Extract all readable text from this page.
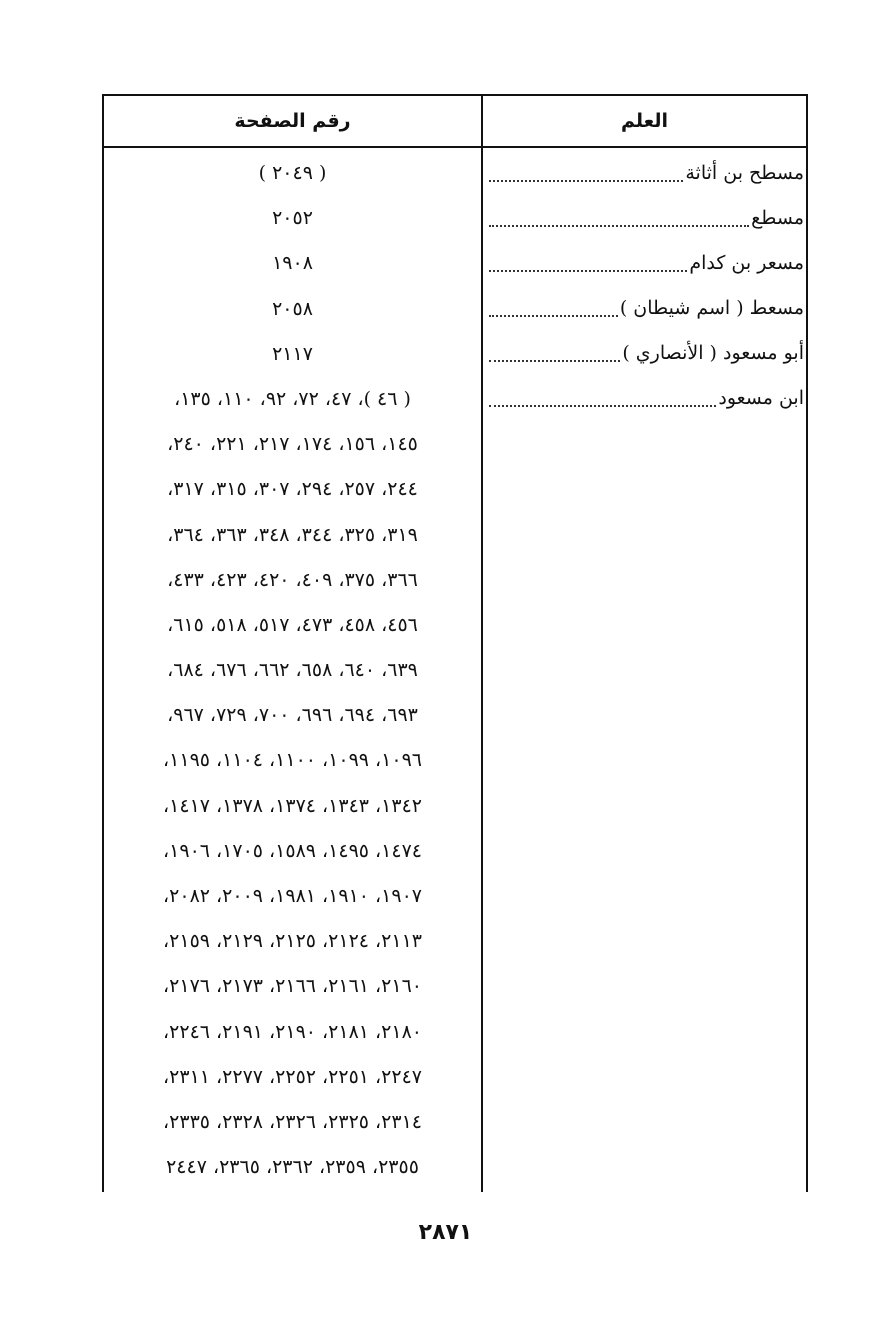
رقم الصفحة	العلم
مسطح بن أثاثة
مسطع
مسعر بن كدام
مسعط ( اسم شيطان )
أبو مسعود ( الأنصاري )
ابن مسعود
( ٢٠٤٩ )
٢٠٥٢
١٩٠٨
٢٠٥٨
٢١١٧
( ٤٦ )، ٤٧، ٧٢، ٩٢، ١١٠، ١٣٥،
١٤٥، ١٥٦، ١٧٤، ٢١٧، ٢٢١، ٢٤٠،
٢٤٤، ٢٥٧، ٢٩٤، ٣٠٧، ٣١٥، ٣١٧،
٣١٩، ٣٢٥، ٣٤٤، ٣٤٨، ٣٦٣، ٣٦٤،
٣٦٦، ٣٧٥، ٤٠٩، ٤٢٠، ٤٢٣، ٤٣٣،
٤٥٦، ٤٥٨، ٤٧٣، ٥١٧، ٥١٨، ٦١٥،
٦٣٩، ٦٤٠، ٦٥٨، ٦٦٢، ٦٧٦، ٦٨٤،
٦٩٣، ٦٩٤، ٦٩٦، ٧٠٠، ٧٢٩، ٩٦٧،
١٠٩٦، ١٠٩٩، ١١٠٠، ١١٠٤، ١١٩٥،
١٣٤٢، ١٣٤٣، ١٣٧٤، ١٣٧٨، ١٤١٧،
١٤٧٤، ١٤٩٥، ١٥٨٩، ١٧٠٥، ١٩٠٦،
١٩٠٧، ١٩١٠، ١٩٨١، ٢٠٠٩، ٢٠٨٢،
٢١١٣، ٢١٢٤، ٢١٢٥، ٢١٢٩، ٢١٥٩،
٢١٦٠، ٢١٦١، ٢١٦٦، ٢١٧٣، ٢١٧٦،
٢١٨٠، ٢١٨١، ٢١٩٠، ٢١٩١، ٢٢٤٦،
٢٢٤٧، ٢٢٥١، ٢٢٥٢، ٢٢٧٧، ٢٣١١،
٢٣١٤، ٢٣٢٥، ٢٣٢٦، ٢٣٢٨، ٢٣٣٥،
٢٣٥٥، ٢٣٥٩، ٢٣٦٢، ٢٣٦٥، ٢٤٤٧
٢٨٧١
